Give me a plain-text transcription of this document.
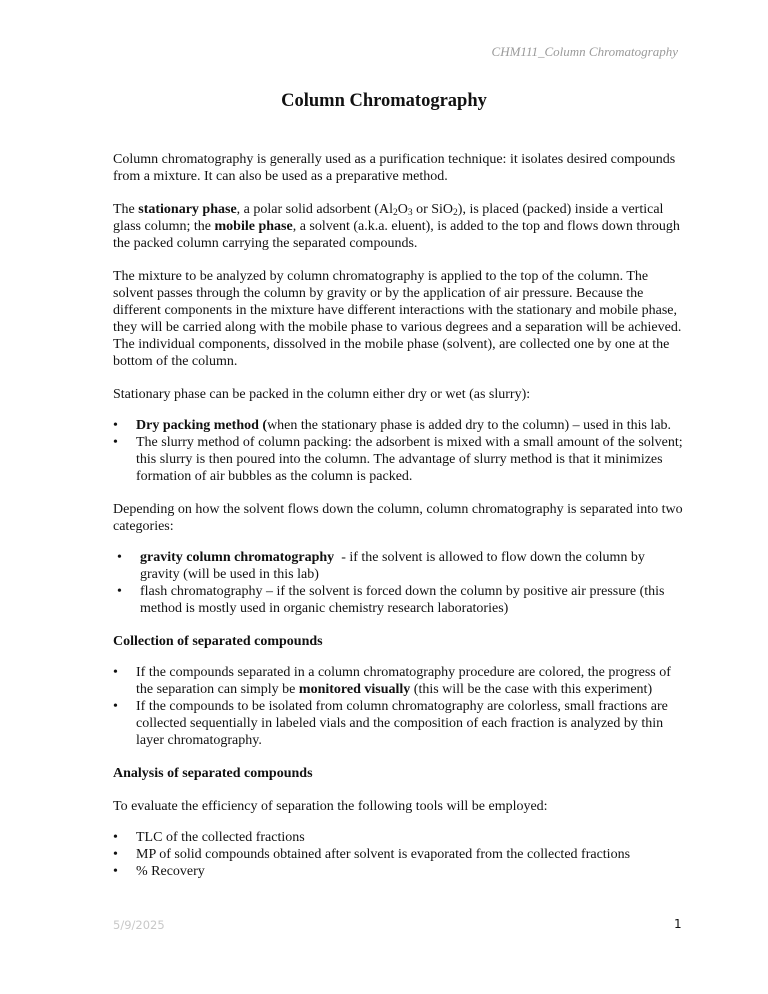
CHM111_Column Chromatography
Column Chromatography

Column chromatography is generally used as a purification technique: it isolates desired compounds from a mixture. It can also be used as a preparative method.

The stationary phase, a polar solid adsorbent ($Al_2O_3$ or SiO$_2$), is placed (packed) inside a vertical glass column; the mobile phase, a solvent (a.k.a. eluent), is added to the top and flows down through the packed column carrying the separated compounds.

The mixture to be analyzed by column chromatography is applied to the top of the column. The solvent passes through the column by gravity or by the application of air pressure. Because the different components in the mixture have different interactions with the stationary and mobile phase, they will be carried along with the mobile phase to various degrees and a separation will be achieved. The individual components, dissolved in the mobile phase (solvent), are collected one by one at the bottom of the column.

Stationary phase can be packed in the column either dry or wet (as slurry):

• Dry packing method (when the stationary phase is added dry to the column) – used in this lab.
• The slurry method of column packing: the adsorbent is mixed with a small amount of the solvent; this slurry is then poured into the column. The advantage of slurry method is that it minimizes formation of air bubbles as the column is packed.

Depending on how the solvent flows down the column, column chromatography is separated into two categories:

• gravity column chromatography  - if the solvent is allowed to flow down the column by gravity (will be used in this lab)
• flash chromatography – if the solvent is forced down the column by positive air pressure (this method is mostly used in organic chemistry research laboratories)
Collection of separated compounds
• If the compounds separated in a column chromatography procedure are colored, the progress of the separation can simply be monitored visually (this will be the case with this experiment)
• If the compounds to be isolated from column chromatography are colorless, small fractions are collected sequentially in labeled vials and the composition of each fraction is analyzed by thin layer chromatography.
Analysis of separated compounds

To evaluate the efficiency of separation the following tools will be employed:

• TLC of the collected fractions
• MP of solid compounds obtained after solvent is evaporated from the collected fractions
• % Recovery
5/9/2025	1
